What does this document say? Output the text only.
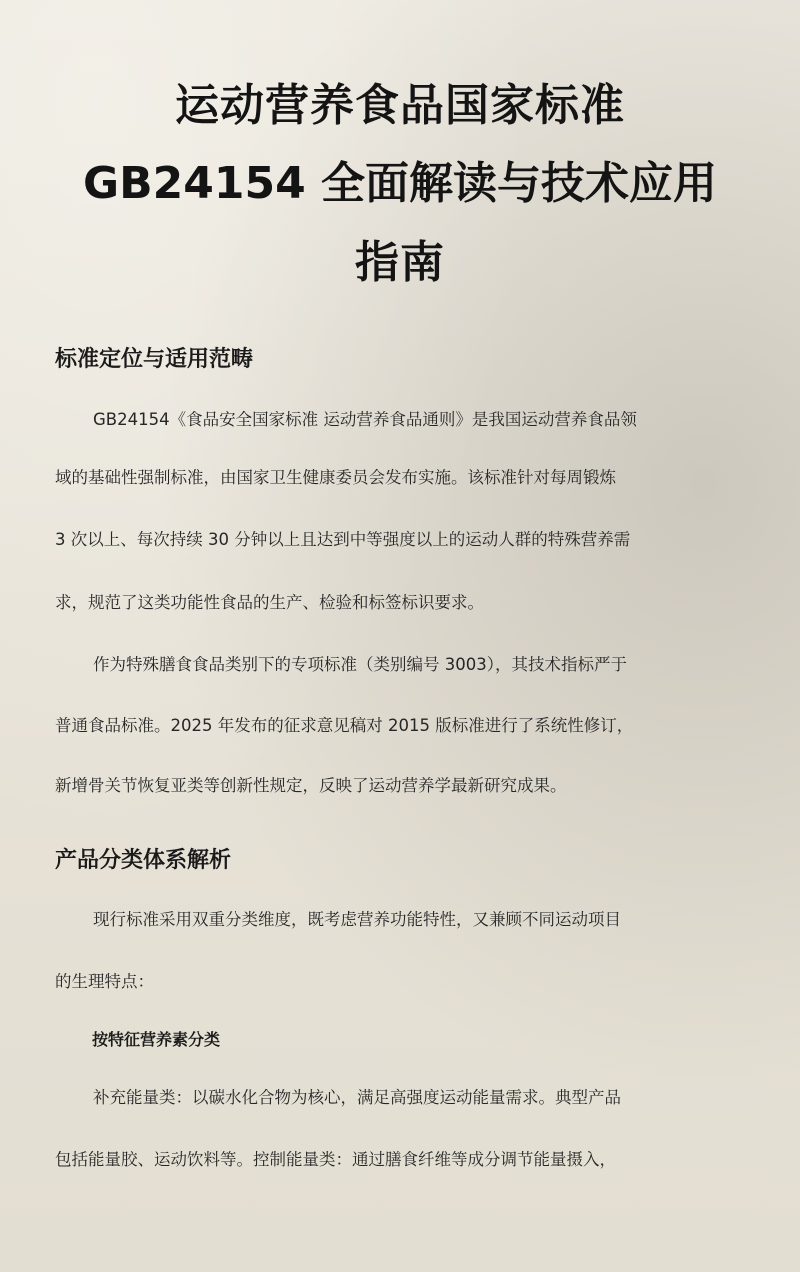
运动营养食品国家标准
GB24154 全面解读与技术应用
指南
标准定位与适用范畴

GB24154《食品安全国家标准 运动营养食品通则》是我国运动营养食品领

域的基础性强制标准，由国家卫生健康委员会发布实施。该标准针对每周锻炼

3 次以上、每次持续 30 分钟以上且达到中等强度以上的运动人群的特殊营养需

求，规范了这类功能性食品的生产、检验和标签标识要求。

作为特殊膳食食品类别下的专项标准（类别编号 3003），其技术指标严于

普通食品标准。2025 年发布的征求意见稿对 2015 版标准进行了系统性修订，

新增骨关节恢复亚类等创新性规定，反映了运动营养学最新研究成果。

产品分类体系解析

现行标准采用双重分类维度，既考虑营养功能特性，又兼顾不同运动项目

的生理特点：

按特征营养素分类

补充能量类：以碳水化合物为核心，满足高强度运动能量需求。典型产品

包括能量胶、运动饮料等。控制能量类：通过膳食纤维等成分调节能量摄入，
